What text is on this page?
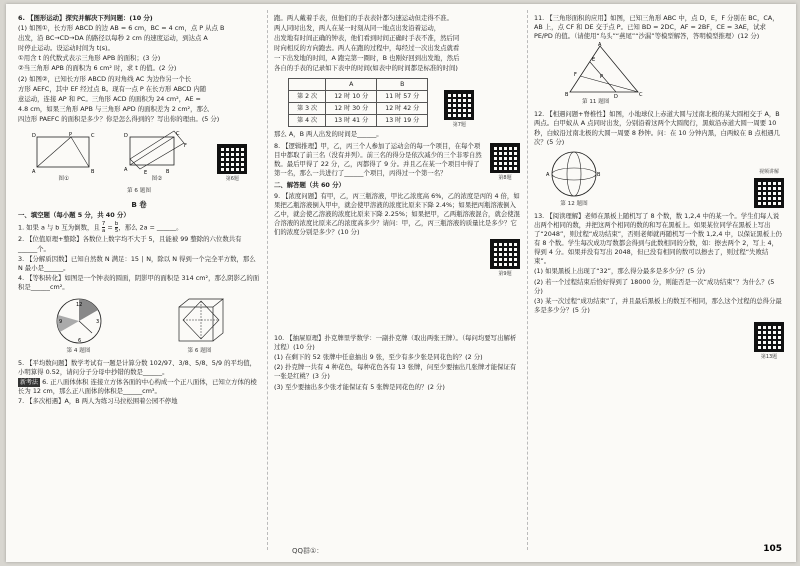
6. 【图形运动】探究并解决下列问题：(10 分)

(1) 如图①，长方形 ABCD 的边 AB = 6 cm，BC = 4 cm，点 P 从点 B

出发，沿 BC→CD→DA 的路径以每秒 2 cm 的速度运动，到达点 A

时停止运动。设运动时间为 t(s)。

①用含 t 的代数式表示三角形 APB 的面积；(3 分)

②当三角形 APB 的面积为 6 cm² 时，求 t 的值。(2 分)

(2) 如图②，已知长方形 ABCD 的对角线 AC 为边作另一个长

方形 AEFC，其中 EF 经过点 B。现有一点 P 在长方形 ABCD 内随

意运动，连接 AP 和 PC。三角形 ACD 的面积为 24 cm²，AE =

4.8 cm，如果三角形 APB 与三角形 APD 的面积差为 2 cm²，那么

四边形 PAEFC 的面积是多少？你是怎么得到的？写出你的理由。(5 分)

D	C
A	B
P
图①
D	C
A	B
F
E
图②	第6题
第 6 题图
B 卷

一、填空题（每小题 5 分，共 40 分）

1. 如果 a 与 b 互为倒数，且 $\frac{7}{a} = \frac{b}{5}$ ，那么 2a = ______。

2. 【位值原理+整除】各数位上数字均不大于 5，且能被 99 整除的六位数共有______个。

3. 【分解质因数】已知自然数 N 满足：15 ∣ N，除以 N 得到一个完全平方数，那么 N 最小是______。

4. 【等积转化】如图是一个钟表的圆面，阴影甲的面积是 314 cm²，那么阴影乙的面积是______cm²。

12
3
6
9
第 4 题图	第 6 题图

5. 【平均数问题】数学考试有一题是计算分数 102/97、3/8、5/8、5/9 的平均值，小明算得 0.52，请问分子分母中抄错的数是______。

新考法 6. 正八面体体积 连接立方体各面的中心构成一个正八面体，已知立方体的棱长为 12 cm，那么正八面体的体积是______cm³。

7. 【多次相遇】A，B 两人为练习马拉松围着公园不停地

跑。两人戴着手表，但他们的手表表针都匀速运动但走得不准。

两人同时出发，两人在某一时刻从同一地点出发沿着运动，

出发地有时间正确的钟表，他们看到时间正确时手表不准，然后同

时向相反的方向跑去。两人在跑的过程中，每经过一次出发点就看

一下出发地的时间，A 跑完第一圈时，B 也刚好回到出发地，然后

各自的手表的记录如下表中的时间(如表中的时间都是标准的时间)

	A	B
第 2 次	12 时 10 分	11 时 57 分
第 3 次	12 时 30 分	12 时 42 分
第 4 次	13 时 41 分	13 时 19 分
第7题

那么 A，B 两人出发的时间是______。

第8题

8. 【逻辑推理】甲，乙，丙三个人参加了运动会的每一个项目，在每个项目中都取了前三名（没有并列）。前三名的得分是依次减少的三个非零自然数。最后甲得了 22 分，乙，丙都得了 9 分。并且乙在某一个项目中得了第一名，那么一共进行了______个项目，丙得过一个第一名？

二、解答题（共 60 分）

9. 【浓度问题】有甲，乙，丙三瓶溶液，甲比乙浓度高 6%，乙的浓度是丙的 4 倍，如果把乙瓶溶液倒入甲中，就会使甲溶液的浓度比原来下降 2.4%；如果把丙瓶溶液倒入乙中，就会使乙溶液的浓度比原来下降 2.25%；如果把甲，乙两瓶溶液混合，就会使混合溶液的浓度比原来乙的浓度高多少？请问：甲，乙，丙三瓶溶液的质量比是多少？它们的浓度分别是多少？(10 分)

第9题

10. 【抽屉原理】扑克牌里学数学：一副扑克牌（取出两张王牌）。（每问均要写出解析过程）(10 分)

(1) 在剩下的 52 张牌中任意抽出 9 张，至少有多少张是同花色的？(2 分)

(2) 扑克牌一共有 4 种花色，每种花色各有 13 张牌，问至少要抽出几张牌才能保证有一张是红桃？(3 分)

(3) 至少要抽出多少张才能保证有 5 张牌是同花色的？(2 分)

11. 【三角形面积的应用】如图，已知三角形 ABC 中，点 D，E，F 分别在 BC，CA，AB 上，点 CF 和 DE 交于点 P。已知 BD = 2DC，AF = 2BF，CE = 3AE，试求 PE/PD 的值。（请使用“鸟头”“燕尾”“沙漏”等模型解答，答明模型推理）(12 分)

A
B	C
D
F
E
P
第 11 题图

12. 【相遇问题+脊椎性】如图，小地球仪上赤道大圆与过南北极的某大圆相交于 A，B 两点。白甲蚁从 A 点同时出发，分别沿着这两个大圆爬行，黑蚁沿赤道大圆一周要 10 秒，白蚁沿过南北极的大圆一周要 8 秒钟。问：在 10 分钟内黑，白两蚁在 B 点相遇几次？(5 分)

A	B
第 12 题图
视频讲解

13. 【阅读理解】老师在黑板上随机写了 8 个数，数 1,2,4 中的某一个。学生们每人说出两个相同的数，并把这两个相同的数的和写在黑板上。如果某位同学在黑板上写出了“2048”，则过程“成功结束”，否则老师就再随机写一个数 1,2,4 中，以保证黑板上仍有 8 个数。学生每次成功写数都会得到与此数相同的分数，如：擦去两个 2，写上 4，得到 4 分。如果并没有写出 2048，但已没有相同的数可以擦去了，则过程“失败结束”。

(1) 如果黑板上出现了“32”，那么得分最多是多少分？(5 分)

(2) 若一个过程结束后恰好得到了 18000 分，则能否是一次“成功结束”？为什么？(5 分)

(3) 某一次过程“成功结束”了，并且最后黑板上的数互不相同，那么这个过程的总得分最多是多少分？(5 分)

第13题
QQ群①：	105
